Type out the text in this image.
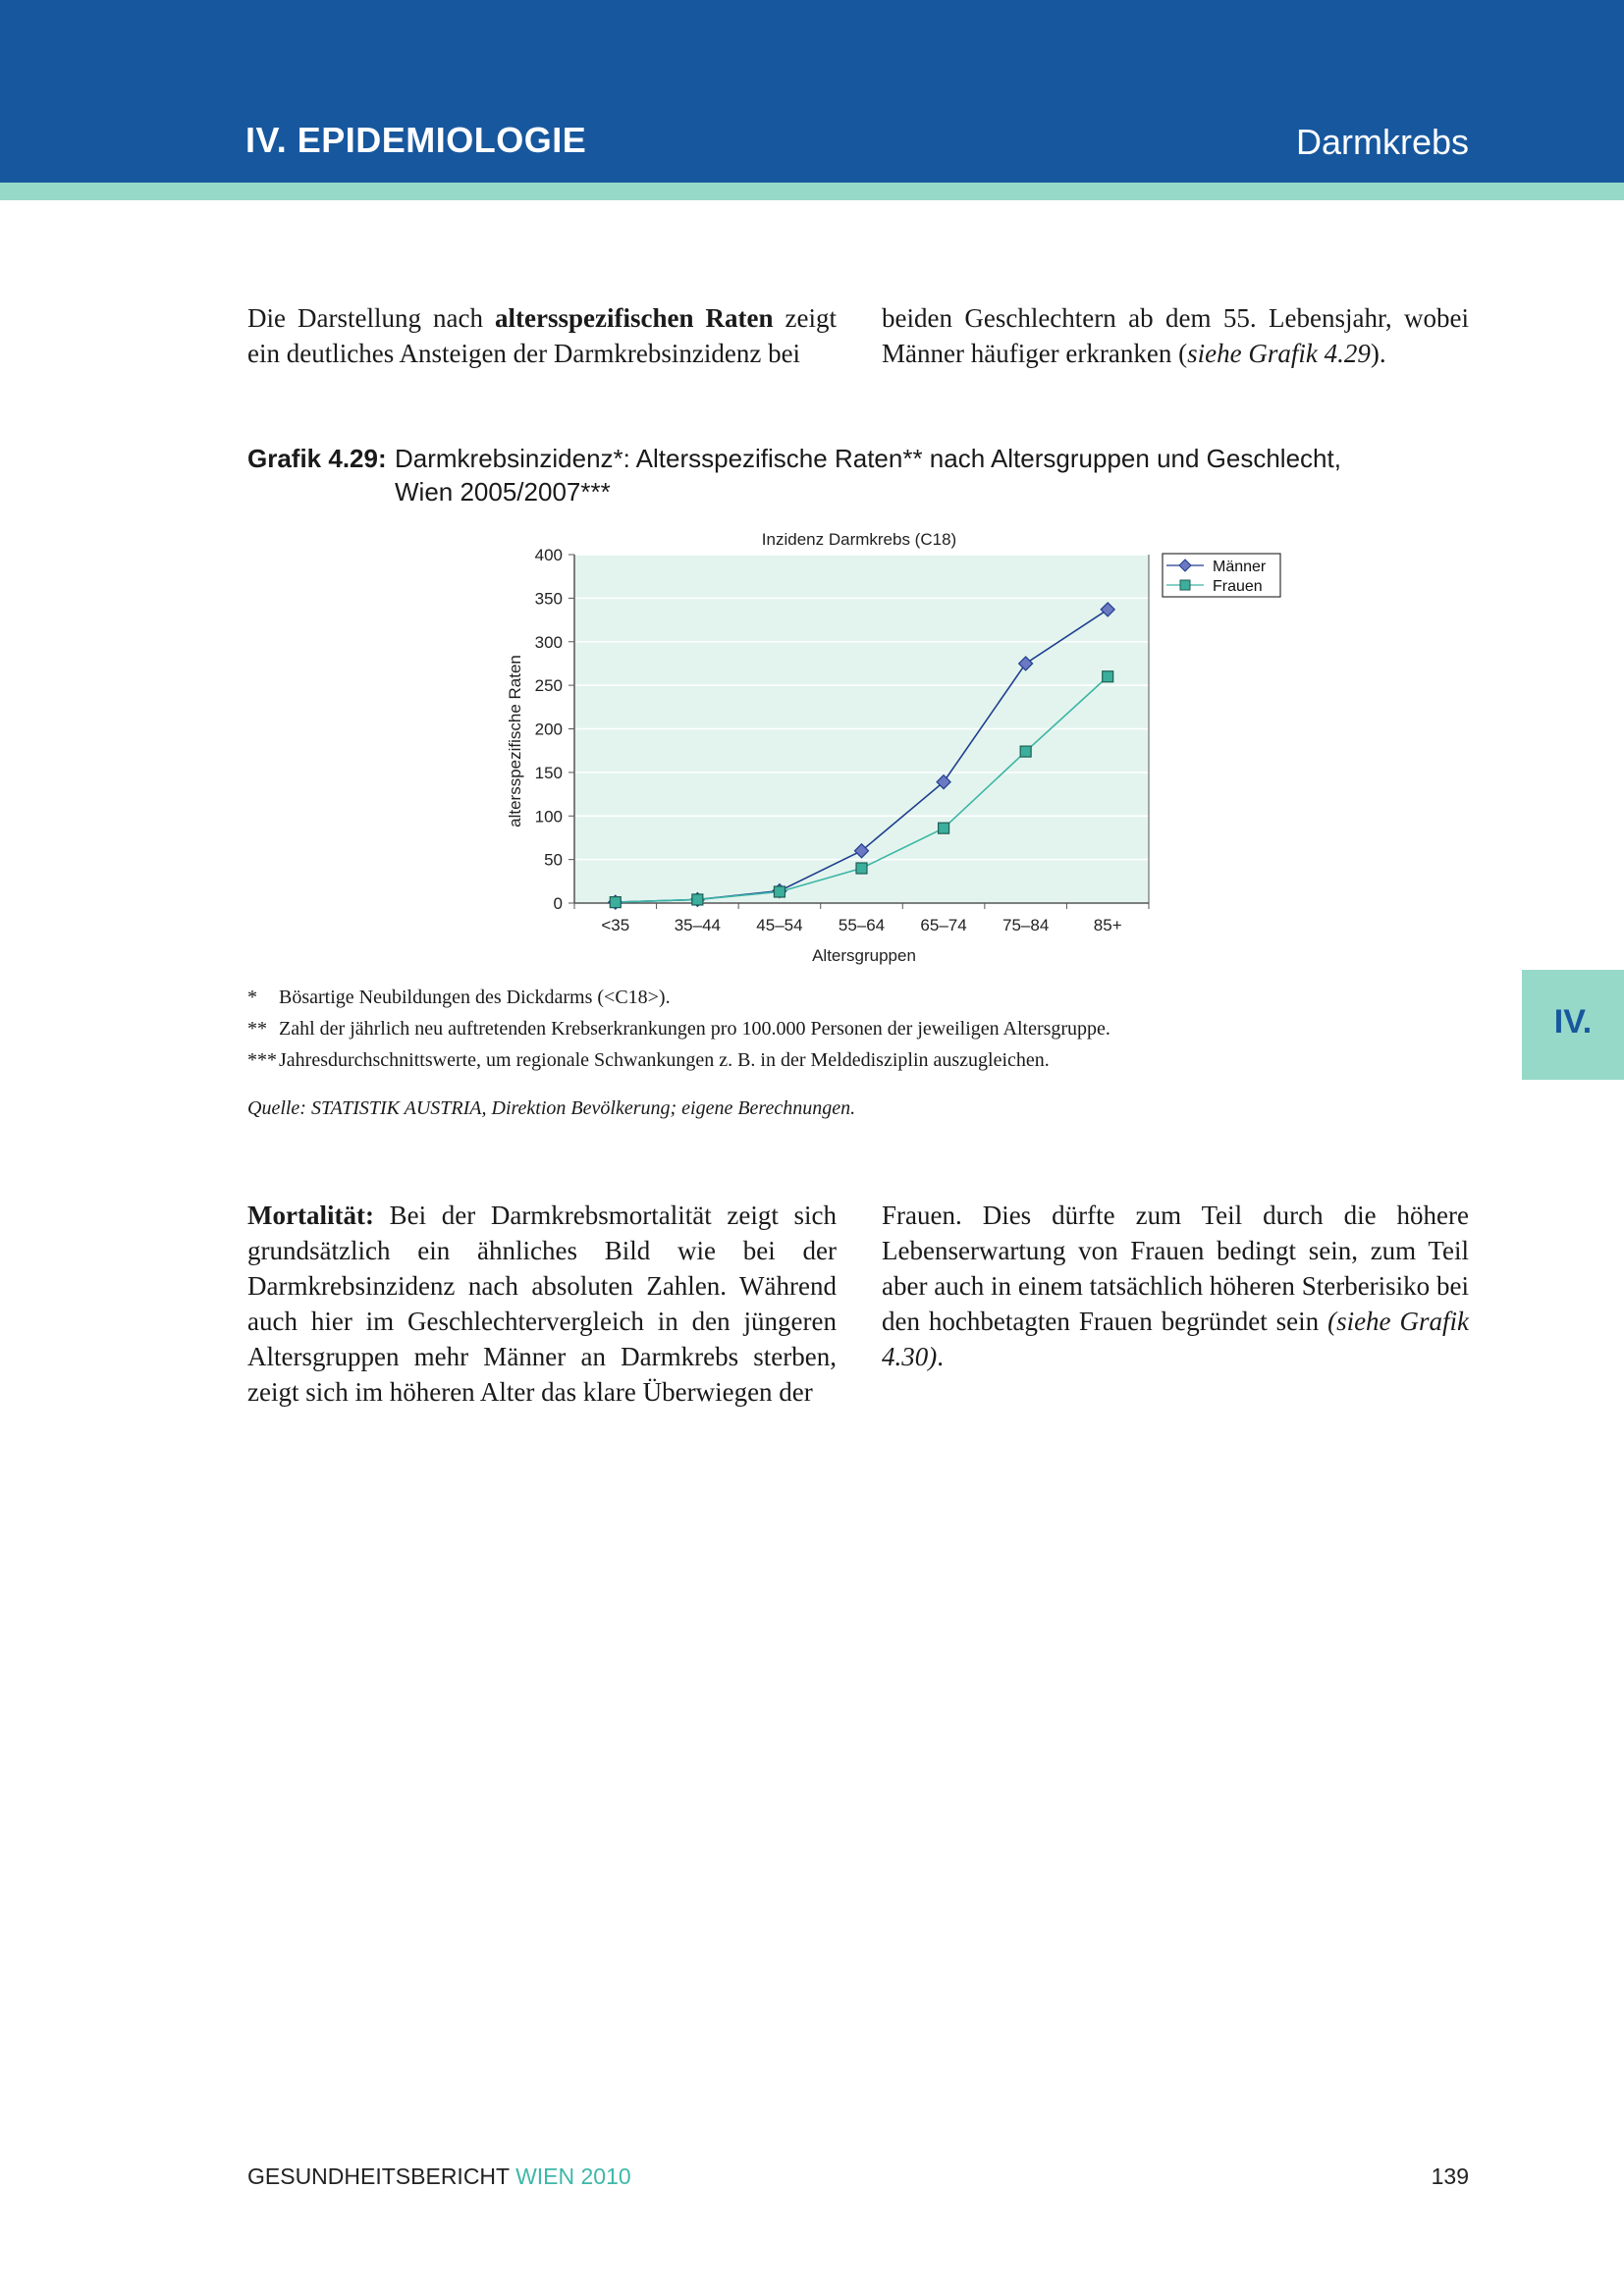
IV. EPIDEMIOLOGIE	Darmkrebs
Die Darstellung nach altersspezifischen Raten zeigt ein deutliches Ansteigen der Darmkrebsinzidenz bei
beiden Geschlechtern ab dem 55. Lebensjahr, wobei Männer häufiger erkranken (siehe Grafik 4.29).
Grafik 4.29: Darmkrebsinzidenz*: Altersspezifische Raten** nach Altersgruppen und Geschlecht, Wien 2005/2007***
0
50
100
150
200
250
300
350
400
<35	35–44 45–54 55–64 65–74 75–84	85+
Inzidenz Darmkrebs (C18)
Altersgruppen
altersspezifische Raten
Männer
Frauen
* Bösartige Neubildungen des Dickdarms (<C18>).
** Zahl der jährlich neu auftretenden Krebserkrankungen pro 100.000 Personen der jeweiligen Altersgruppe.
*** Jahresdurchschnittswerte, um regionale Schwankungen z. B. in der Meldedisziplin auszugleichen.
Quelle: STATISTIK AUSTRIA, Direktion Bevölkerung; eigene Berechnungen.
Mortalität: Bei der Darmkrebsmortalität zeigt sich grundsätzlich ein ähnliches Bild wie bei der Darmkrebsinzidenz nach absoluten Zahlen. Während auch hier im Geschlechtervergleich in den jüngeren Altersgruppen mehr Männer an Darmkrebs sterben, zeigt sich im höheren Alter das klare Überwiegen der
Frauen. Dies dürfte zum Teil durch die höhere Lebenserwartung von Frauen bedingt sein, zum Teil aber auch in einem tatsächlich höheren Sterberisiko bei den hochbetagten Frauen begründet sein (siehe Grafik 4.30).
IV.
GESUNDHEITSBERICHT WIEN 2010	139
